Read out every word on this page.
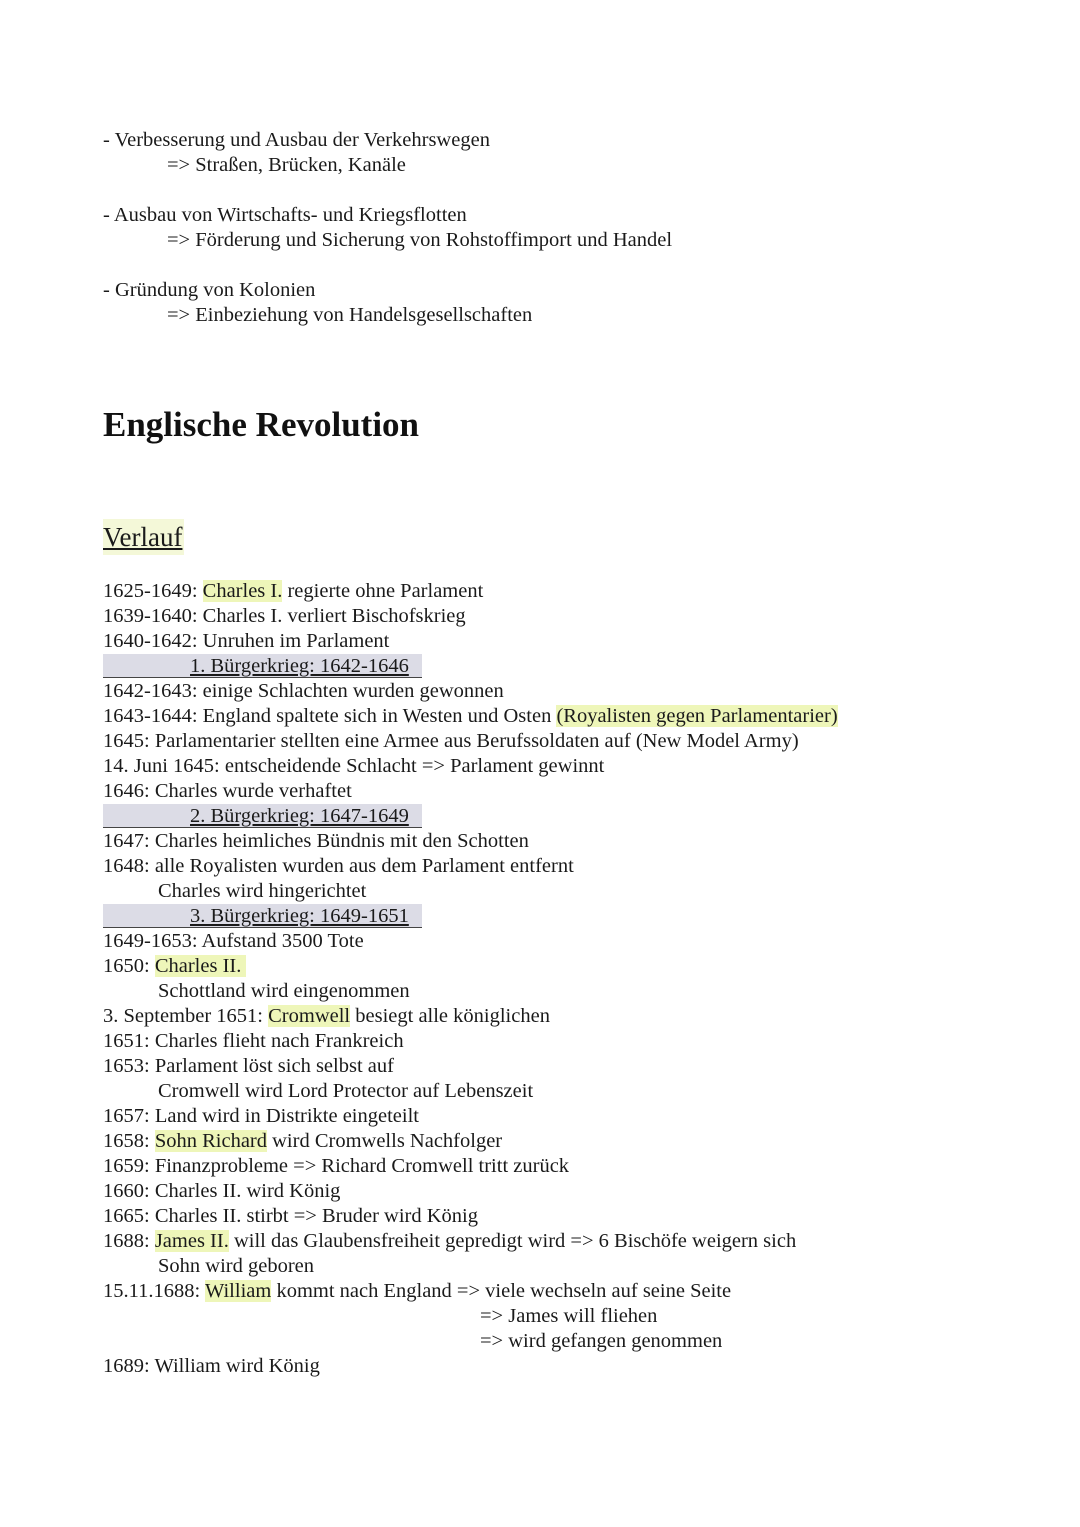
- Verbesserung und Ausbau der Verkehrswegen
=> Straßen, Brücken, Kanäle
- Ausbau von Wirtschafts- und Kriegsflotten
=> Förderung und Sicherung von Rohstoffimport und Handel
- Gründung von Kolonien
=> Einbeziehung von Handelsgesellschaften
Englische Revolution
Verlauf
1625-1649: Charles I. regierte ohne Parlament
1639-1640: Charles I. verliert Bischofskrieg
1640-1642: Unruhen im Parlament
1. Bürgerkrieg: 1642-1646
1642-1643: einige Schlachten wurden gewonnen
1643-1644: England spaltete sich in Westen und Osten (Royalisten gegen Parlamentarier)
1645: Parlamentarier stellten eine Armee aus Berufssoldaten auf (New Model Army)
14. Juni 1645: entscheidende Schlacht => Parlament gewinnt
1646: Charles wurde verhaftet
2. Bürgerkrieg: 1647-1649
1647: Charles heimliches Bündnis mit den Schotten
1648: alle Royalisten wurden aus dem Parlament entfernt
Charles wird hingerichtet
3. Bürgerkrieg: 1649-1651
1649-1653: Aufstand 3500 Tote
1650: Charles II.
Schottland wird eingenommen
3. September 1651: Cromwell besiegt alle königlichen
1651: Charles flieht nach Frankreich
1653: Parlament löst sich selbst auf
Cromwell wird Lord Protector auf Lebenszeit
1657: Land wird in Distrikte eingeteilt
1658: Sohn Richard wird Cromwells Nachfolger
1659: Finanzprobleme => Richard Cromwell tritt zurück
1660: Charles II. wird König
1665: Charles II. stirbt => Bruder wird König
1688: James II. will das Glaubensfreiheit gepredigt wird => 6 Bischöfe weigern sich
Sohn wird geboren
15.11.1688: William kommt nach England => viele wechseln auf seine Seite
=> James will fliehen
=> wird gefangen genommen
1689: William wird König
